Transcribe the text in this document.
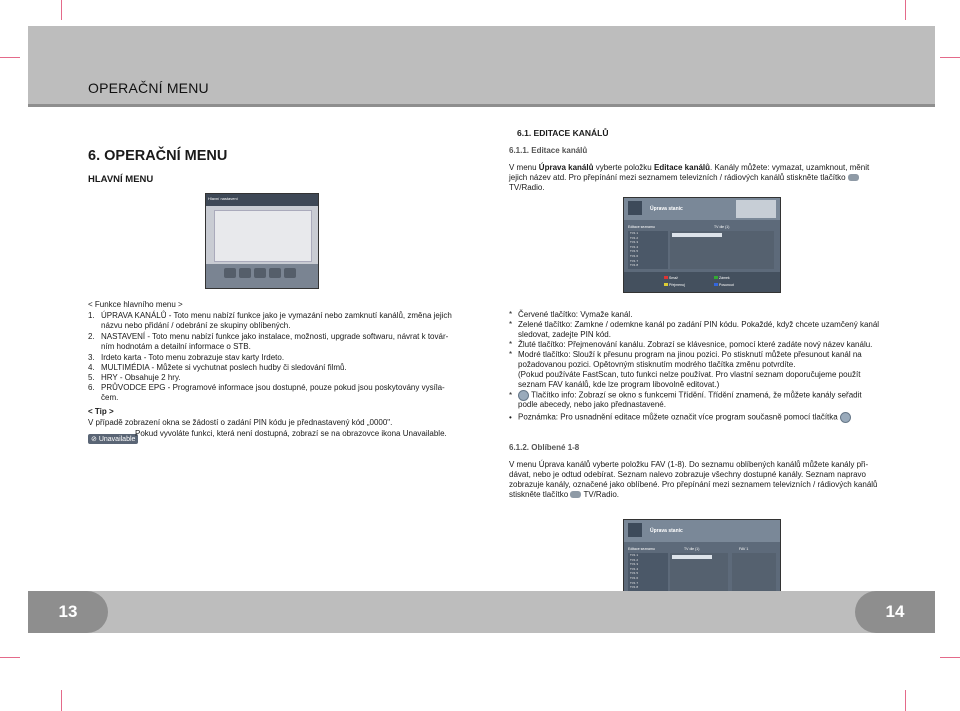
OPERAČNÍ MENU
6. OPERAČNÍ MENU
HLAVNÍ MENU
Hlavní nastavení
< Funkce hlavního menu >
1. ÚPRAVA KANÁLŮ - Toto menu nabízí funkce jako je vymazání nebo zamknutí kanálů, změna jejich
názvu nebo přidání / odebrání ze skupiny oblíbených.
2. NASTAVENÍ - Toto menu nabízí funkce jako instalace, možnosti, upgrade softwaru, návrat k továr-
ním hodnotám a detailní informace o STB.
3. Irdeto karta - Toto menu zobrazuje stav karty Irdeto.
4. MULTIMÉDIA - Můžete si vychutnat poslech hudby či sledování filmů.
5. HRY - Obsahuje 2 hry.
6. PRŮVODCE EPG - Programové informace jsou dostupné, pouze pokud jsou poskytovány vysíla-
čem.
< Tip >
V případě zobrazení okna se žádostí o zadání PIN kódu je přednastavený kód „0000".
⊘ Unavailable
Pokud vyvoláte funkci, která není dostupná, zobrazí se na obrazovce ikona Unavailable.
6.1. EDITACE KANÁLŮ
6.1.1. Editace kanálů
V menu Úprava kanálů vyberte položku Editace kanálů. Kanály můžete: vymazat, uzamknout, měnit
jejich název atd. Pro přepínání mezi seznamem televizních / rádiových kanálů stiskněte tlačítko
TV/Radio.
Úprava stanic
Editace seznamu	TV dle (1)
TV1 1
TV1 2
TV1 3
TV1 4
TV1 5
TV1 6
TV1 7
TV1 8
Smaž	Zámek
Přejmenuj	Posunout
* Červené tlačítko: Vymaže kanál.
* Zelené tlačítko: Zamkne / odemkne kanál po zadání PIN kódu. Pokaždé, když chcete uzamčený kanál
sledovat, zadejte PIN kód.
* Žluté tlačítko: Přejmenování kanálu. Zobrazí se klávesnice, pomocí které zadáte nový název kanálu.
* Modré tlačítko: Slouží k přesunu program na jinou pozici. Po stisknutí můžete přesunout kanál na
požadovanou pozici. Opětovným stisknutím modrého tlačítka změnu potvrdíte.
(Pokud používáte FastScan, tuto funkci nelze používat. Pro vlastní seznam doporučujeme použít
seznam FAV kanálů, kde lze program libovolně editovat.)
* Tlačítko info: Zobrazí se okno s funkcemi Třídění. Třídění znamená, že můžete kanály seřadit
podle abecedy, nebo jako přednastavené.
• Poznámka: Pro usnadnění editace můžete označit více program současně pomocí tlačítka
6.1.2. Oblíbené 1-8
V menu Úprava kanálů vyberte položku FAV (1-8). Do seznamu oblíbených kanálů můžete kanály při-
dávat, nebo je odtud odebírat. Seznam nalevo zobrazuje všechny dostupné kanály. Seznam napravo
zobrazuje kanály, označené jako oblíbené. Pro přepínání mezi seznamem televizních / rádiových kanálů
stiskněte tlačítko TV/Radio.
Úprava stanic
Editace seznamu	TV dle (1)	FAV 1
TV1 1
TV1 2
TV1 3
TV1 4
TV1 5
TV1 6
TV1 7
TV1 8
13	14
